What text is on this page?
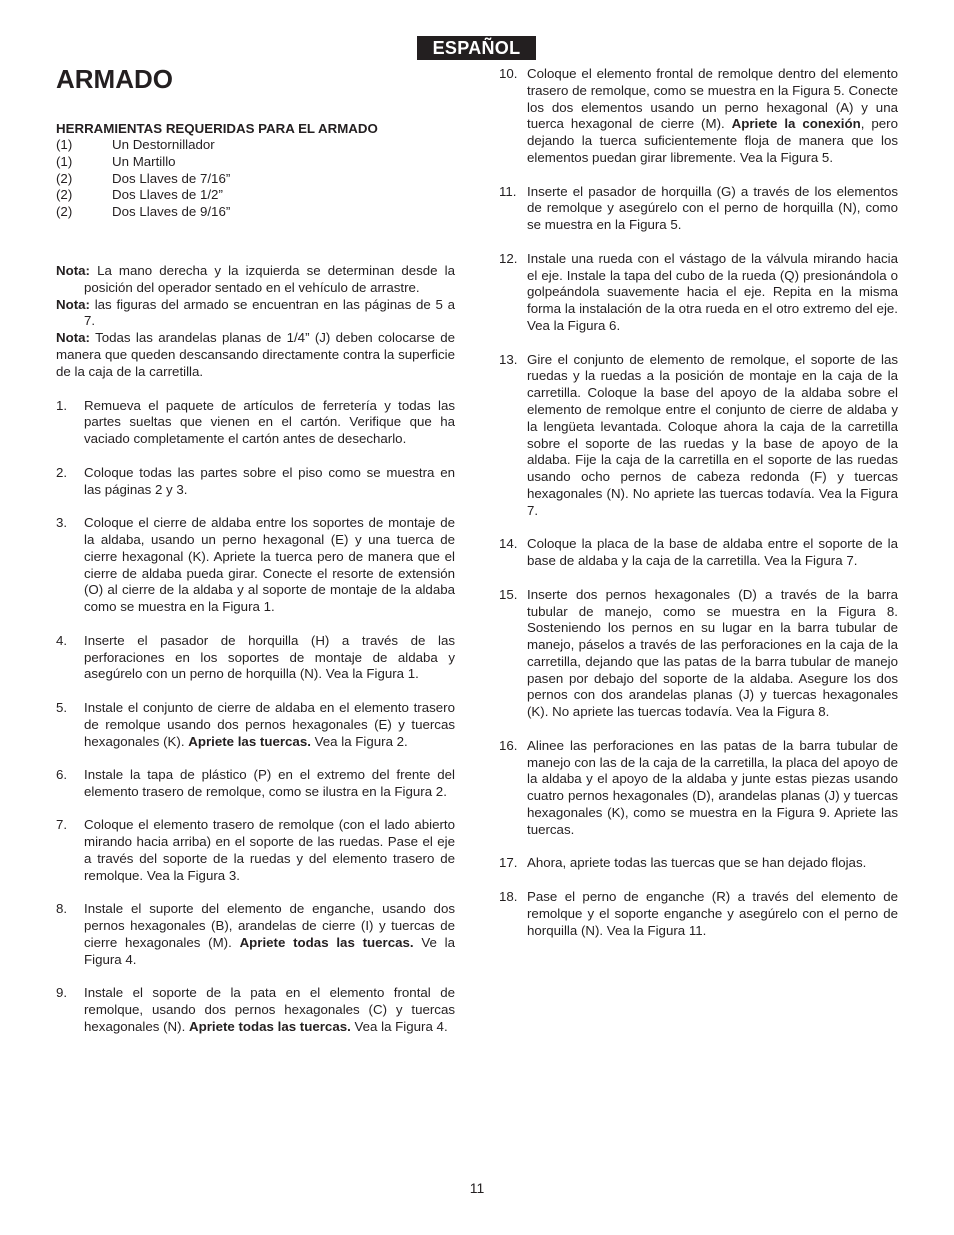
ESPAÑOL
ARMADO
HERRAMIENTAS REQUERIDAS PARA EL ARMADO
(1)	Un Destornillador
(1)	Un Martillo
(2)	Dos Llaves de 7/16”
(2)	Dos Llaves de 1/2”
(2)	Dos Llaves de 9/16”
Nota: La mano derecha y la izquierda se determinan desde la posición del operador sentado en el vehículo de arrastre.
Nota: las figuras del armado se encuentran en las páginas de 5 a 7.
Nota: Todas las arandelas planas de 1/4” (J) deben colocarse de manera que queden descansando directamente contra la superficie de la caja de la carretilla.
1.	Remueva el paquete de artículos de ferretería y todas las partes sueltas que vienen en el cartón. Verifique que ha vaciado completamente el cartón antes de desecharlo.
2.	Coloque todas las partes sobre el piso como se muestra en las páginas 2 y 3.
3.	Coloque el cierre de aldaba entre los soportes de montaje de la aldaba, usando un perno hexagonal (E) y una tuerca de cierre hexagonal (K). Apriete la tuerca pero de manera que el cierre de aldaba pueda girar. Conecte el resorte de extensión (O) al cierre de la aldaba y al soporte de montaje de la aldaba como se muestra en la Figura 1.
4.	Inserte el pasador de horquilla (H) a través de las perforaciones en los soportes de montaje de aldaba y asegúrelo con un perno de horquilla (N). Vea la Figura 1.
5.	Instale el conjunto de cierre de aldaba en el elemento trasero de remolque usando dos pernos hexagonales (E) y tuercas hexagonales (K). Apriete las tuercas. Vea la Figura 2.
6.	Instale la tapa de plástico (P) en el extremo del frente del elemento trasero de remolque, como se ilustra en la Figura 2.
7.	Coloque el elemento trasero de remolque (con el lado abierto mirando hacia arriba) en el soporte de las ruedas. Pase el eje a través del soporte de la ruedas y del elemento trasero de remolque. Vea la Figura 3.
8.	Instale el suporte del elemento de enganche, usando dos pernos hexagonales (B), arandelas de cierre (I) y tuercas de cierre hexagonales (M). Apriete todas las tuercas. Ve la Figura 4.
9.	Instale el soporte de la pata en el elemento frontal de remolque, usando dos pernos hexagonales (C) y tuercas hexagonales (N). Apriete todas las tuercas. Vea la Figura 4.
10. Coloque el elemento frontal de remolque dentro del elemento trasero de remolque, como se muestra en la Figura 5. Conecte los dos elementos usando un perno hexagonal (A) y una tuerca hexagonal de cierre (M). Apriete la conexión, pero dejando la tuerca suficientemente floja de manera que los elementos puedan girar libremente. Vea la Figura 5.
11. Inserte el pasador de horquilla (G) a través de los elementos de remolque y asegúrelo con el perno de horquilla (N), como se muestra en la Figura 5.
12. Instale una rueda con el vástago de la válvula mirando hacia el eje. Instale la tapa del cubo de la rueda (Q) presionándola o golpeándola suavemente hacia el eje. Repita en la misma forma la instalación de la otra rueda en el otro extremo del eje. Vea la Figura 6.
13. Gire el conjunto de elemento de remolque, el soporte de las ruedas y la ruedas a la posición de montaje en la caja de la carretilla. Coloque la base del apoyo de la aldaba sobre el elemento de remolque entre el conjunto de cierre de aldaba y la lengüeta levantada. Coloque ahora la caja de la carretilla sobre el soporte de las ruedas y la base de apoyo de la aldaba. Fije la caja de la carretilla en el soporte de las ruedas usando ocho pernos de cabeza redonda (F) y tuercas hexagonales (N). No apriete las tuercas todavía. Vea la Figura 7.
14. Coloque la placa de la base de aldaba entre el soporte de la base de aldaba y la caja de la carretilla. Vea la Figura 7.
15. Inserte dos pernos hexagonales (D) a través de la barra tubular de manejo, como se muestra en la Figura 8. Sosteniendo los pernos en su lugar en la barra tubular de manejo, páselos a través de las perforaciones en la caja de la carretilla, dejando que las patas de la barra tubular de manejo pasen por debajo del soporte de la aldaba. Asegure los dos pernos con dos arandelas planas (J) y tuercas hexagonales (K). No apriete las tuercas todavía. Vea la Figura 8.
16. Alinee las perforaciones en las patas de la barra tubular de manejo con las de la caja de la carretilla, la placa del apoyo de la aldaba y el apoyo de la aldaba y junte estas piezas usando cuatro pernos hexagonales (D), arandelas planas (J) y tuercas hexagonales (K), como se muestra en la Figura 9. Apriete las tuercas.
17. Ahora, apriete todas las tuercas que se han dejado flojas.
18. Pase el perno de enganche (R) a través del elemento de remolque y el soporte enganche y asegúrelo con el perno de horquilla (N). Vea la Figura 11.
11
